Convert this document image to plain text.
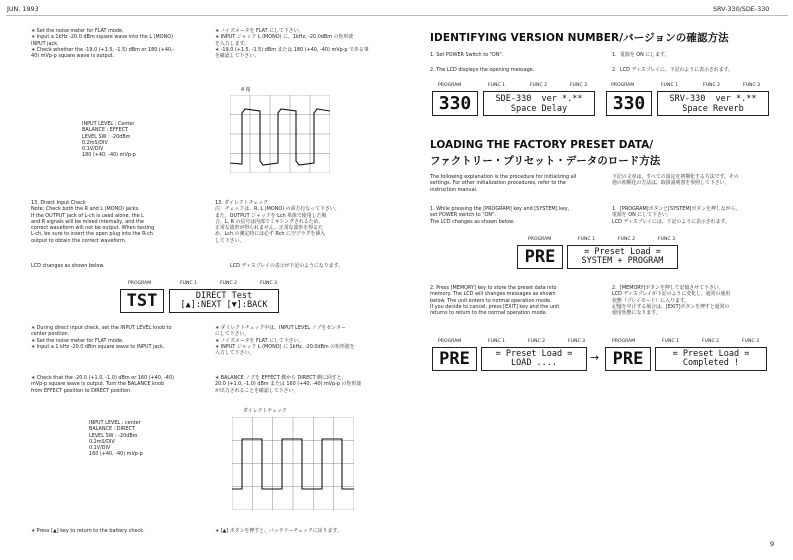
JUN. 1993	SRV-330/SDE-330
∗ Set the noise meter for FLAT mode.
∗ Input a 1kHz -20.0 dBm square wave into the L (MONO)
INPUT jack.
∗ Check whether the -19.0 (+1.5, -1.5) dBm or 180 (+40,-
40) mVp-p square wave is output.
∗ ノイズメータを FLAT にして下さい。
∗ INPUT ジャック L (MONO) に、1kHz, -20.0dBm の矩形波
を入力します。
∗ -19.0 (+1.5, -1.5) dBm または 180 (+40, -40) mVp-p である事
を確認して下さい。
4 箱
INPUT LEVEL : Center
BALANCE : EFFECT
LEVEL SW : -20dBm
0.2mS/DIV
0.1V/DIV
180 (+40, -40) mVp-p
13. Direct Input Check
Note: Check both the R and L (MONO) jacks.
If the OUTPUT jack of L-ch is used alone, the L
and R signals will be mixed internally, and the
correct waveform will not be output. When testing
L-ch, be sure to insert the open plug into the R-ch
output to obtain the correct waveform.
13. ダイレクトチェック
注：チェックは、R, L (MONO) の両方行なって下さい。
また、OUTPUT ジャックを Lch 単体で使用した場
合、L, R の信号は内部でミキシングされるため、
正常な波形が得られません。正常な波形を得るた
め、Lch の測定時には必ず Rch に空プラグを挿入
して下さい。
LCD changes as shown below.	LCD ディスプレイの表示が下記のようになります。
PROGRAM	FUNC 1	FUNC 2	FUNC 3
TST	DIRECT Test
[▲]:NEXT [▼]:BACK
∗ During direct input check, set the INPUT LEVEL knob to
center position.
∗ Set the noise meter for FLAT mode.
∗ Input a 1 kHz -20.0 dBm square wave to INPUT jack.
∗ ダイレクトチェック中は、INPUT LEVEL ノブをセンター
にして下さい。
∗ ノイズメータを FLAT にして下さい。
∗ INPUT ジャック L (MONO) に 1kHz, -20.0dBm の矩形波を
入力して下さい。
∗ Check that the -20.0 (+1.0, -1.0) dBm or 160 (+40, -40)
mVp-p square wave is output. Turn the BALANCE knob
from EFFECT position to DIRECT position.
∗ BALANCE ノブを EFFECT 側から DIRECT 側に回すと、
20.0 (+1.0, -1.0) dBm または 160 (+40, -40) mVp-p の矩形波
が出力されることを確認して下さい。
ダイレクトチェック
INPUT LEVEL : center
BALANCE : DIRECT
LEVEL SW : -20dBm
0.2mS/DIV
0.1V/DIV
160 (+40, -40) mVp-p
∗ Press [▲] key to return to the battery check.	∗ [▲] ボタンを押すと、バッテリーチェックに戻ります。
IDENTIFYING VERSION NUMBER/バージョンの確認方法
1. Set POWER Switch to "ON".	1．電源を ON にします。
2. The LCD displays the opening message.	2．LCD ディスプレイに、下記のように表示されます。
PROGRAM	FUNC 1	FUNC 2	FUNC 3
330	SDE-330  ver *.**
Space Delay
PROGRAM	FUNC 1	FUNC 2	FUNC 3
330	SRV-330  ver *.**
Space Reverb
LOADING THE FACTORY PRESET DATA/
ファクトリー・プリセット・データのロード方法
The following explanation is the procedure for initializing all
settings. For other initialization procedures, refer to the
instruction manual.
下記の文章は、すべての設定を初期化する方法です。その
他の初期化の方法は、取扱説明書を参照して下さい。
1. While pressing the [PROGRAM] key and [SYSTEM] key,
set POWER switch to "ON".
The LCD changes as shown below.
1．[PROGRAM]ボタンと[SYSTEM]ボタンを押しながら、
電源を ON にして下さい。
LCD ディスプレイには、下記のように表示されます。
PROGRAM	FUNC 1	FUNC 2	FUNC 3
PRE	= Preset Load =
SYSTEM + PROGRAM
2. Press [MEMORY] key to store the preset data into
memory. The LCD will changes messages as shown
below. The unit enters to normal operation mode.
If you decide to cancel, press [EXIT] key and the unit
returns to return to the normal operation mode.
2．[MEMORY]ボタンを押して記憶させて下さい。
LCD ディスプレイが下記のように変化し、通常の使用
状態（プレイモード）に入ります。
記憶を中止する場合は、[EXIT]ボタンを押すと通常の
使用状態になります。
PROGRAM	FUNC 1	FUNC 2	FUNC 3
PRE	= Preset Load =
LOAD ....	→
PROGRAM	FUNC 1	FUNC 2	FUNC 3
PRE	= Preset Load =
Completed !
9
